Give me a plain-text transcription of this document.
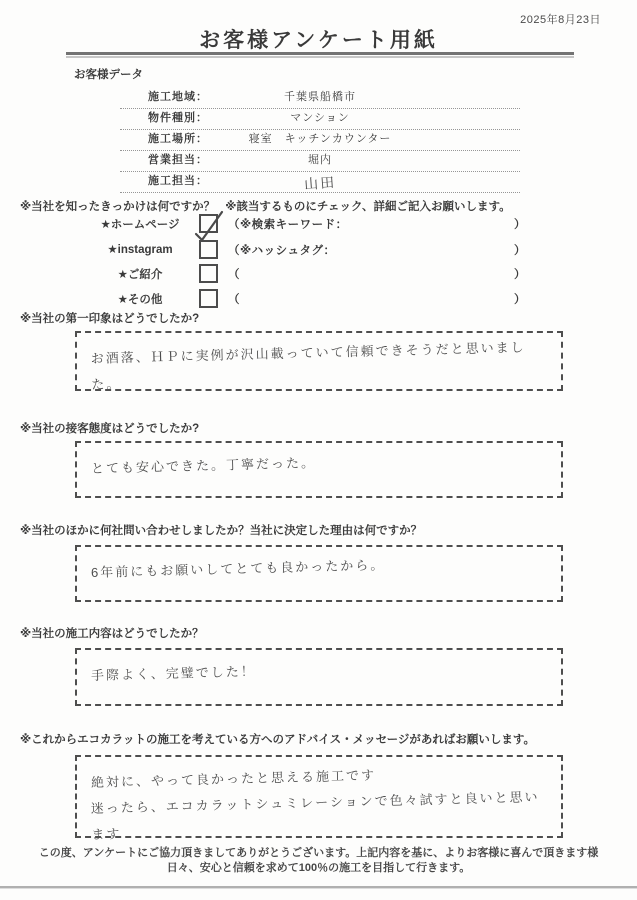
2025年8月23日
お客様アンケート用紙
お客様データ
施工地域：	千葉県船橋市
物件種別：	マンション
施工場所：	寝室　キッチンカウンター
営業担当：	堀内
施工担当：	山田
※当社を知ったきっかけは何ですか？ ※該当するものにチェック、詳細ご記入お願いします。
★ホームページ	（※検索キーワード：	）
★instagram	（※ハッシュタグ：	）
★ご紹介	（	）
★その他	（	）
※当社の第一印象はどうでしたか?
お酒落、ＨＰに実例が沢山載っていて信頼できそうだと思いました。
※当社の接客態度はどうでしたか?
とても安心できた。丁寧だった。
※当社のほかに何社問い合わせしましたか？当社に決定した理由は何ですか？
6年前にもお願いしてとても良かったから。
※当社の施工内容はどうでしたか？
手際よく、完璧でした！
※これからエコカラットの施工を考えている方へのアドバイス・メッセージがあればお願いします。
絶対に、やって良かったと思える施工です
迷ったら、エコカラットシュミレーションで色々試すと良いと思います
この度、アンケートにご協力頂きましてありがとうございます。上記内容を基に、よりお客様に喜んで頂きます様
日々、安心と信頼を求めて100％の施工を目指して行きます。
